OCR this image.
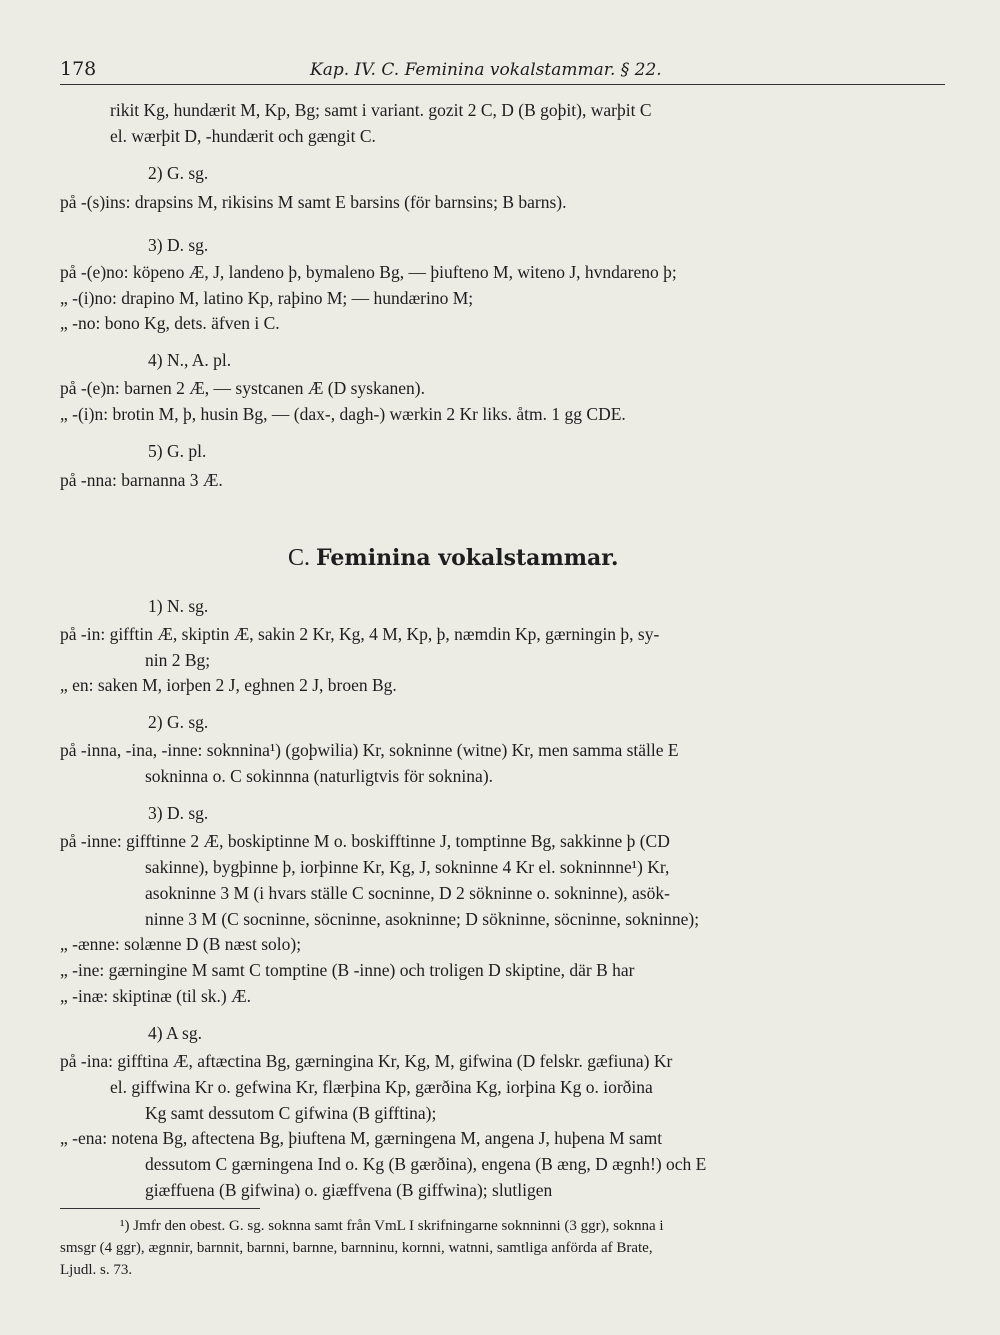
178	Kap. IV. C. Feminina vokalstammar. § 22.
rikit Kg, hundærit M, Kp, Bg; samt i variant. gozit 2 C, D (B goþit), warþit C
el. wærþit D, -hundærit och gængit C.
2) G. sg.
på -(s)ins: drapsins M, rikisins M samt E barsins (för barnsins; B barns).
3) D. sg.
på -(e)no: köpeno Æ, J, landeno þ, bymaleno Bg, — þiufteno M, witeno J, hvndareno þ;
„ -(i)no: drapino M, latino Kp, raþino M; — hundærino M;
„ -no: bono Kg, dets. äfven i C.
4) N., A. pl.
på -(e)n: barnen 2 Æ, — systcanen Æ (D syskanen).
„ -(i)n: brotin M, þ, husin Bg, — (dax-, dagh-) wærkin 2 Kr liks. åtm. 1 gg CDE.
5) G. pl.
på -nna: barnanna 3 Æ.
C. Feminina vokalstammar.
1) N. sg.
på -in: gifftin Æ, skiptin Æ, sakin 2 Kr, Kg, 4 M, Kp, þ, næmdin Kp, gærningin þ, sy-
nin 2 Bg;
„ en: saken M, iorþen 2 J, eghnen 2 J, broen Bg.
2) G. sg.
på -inna, -ina, -inne: soknnina¹) (goþwilia) Kr, sokninne (witne) Kr, men samma ställe E
sokninna o. C sokinnna (naturligtvis för soknina).
3) D. sg.
på -inne: gifftinne 2 Æ, boskiptinne M o. boskifftinne J, tomptinne Bg, sakkinne þ (CD
sakinne), bygþinne þ, iorþinne Kr, Kg, J, sokninne 4 Kr el. sokninnne¹) Kr,
asokninne 3 M (i hvars ställe C socninne, D 2 sökninne o. sokninne), asök-
ninne 3 M (C socninne, söcninne, asokninne; D sökninne, söcninne, sokninne);
„ -ænne: solænne D (B næst solo);
„ -ine: gærningine M samt C tomptine (B -inne) och troligen D skiptine, där B har
„ -inæ: skiptinæ (til sk.) Æ.
4) A sg.
på -ina: gifftina Æ, aftæctina Bg, gærningina Kr, Kg, M, gifwina (D felskr. gæfiuna) Kr
el. giffwina Kr o. gefwina Kr, flærþina Kp, gærðina Kg, iorþina Kg o. iorðina
Kg samt dessutom C gifwina (B gifftina);
„ -ena: notena Bg, aftectena Bg, þiuftena M, gærningena M, angena J, huþena M samt
dessutom C gærningena Ind o. Kg (B gærðina), engena (B æng, D ægnh!) och E
giæffuena (B gifwina) o. giæffvena (B giffwina); slutligen
¹) Jmfr den obest. G. sg. soknna samt från VmL I skrifningarne soknninni (3 ggr), soknna i
smsgr (4 ggr), ægnnir, barnnit, barnni, barnne, barnninu, kornni, watnni, samtliga anförda af Brate,
Ljudl. s. 73.
